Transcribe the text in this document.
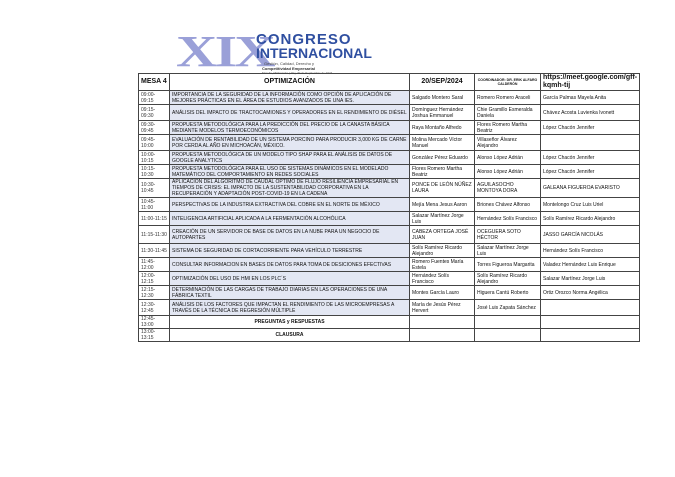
XIX
CONGRESO
INTERNACIONAL
Gestión, Calidad, Derecho y
Competitividad Empresarial
Morelia, Michoacán | 19 y 20 de Septiembre de 2024
MESA 4	OPTIMIZACIÓN	20/SEP/2024	COORDINADOR: DR. ERIK ALFARO CALDERÓN	https://meet.google.com/gff-kqmh-tij
09:00-09:15	IMPORTANCIA DE LA SEGURIDAD DE LA INFORMACIÓN COMO OPCIÓN DE APLICACIÓN DE MEJORES PRÁCTICAS EN EL ÁREA DE ESTUDIOS AVANZADOS DE UNA IES.	Salgado Montero Saral	Romero Romero Araceli	García Palmas Mayela Anita
09:15-09:30	ANÁLISIS DEL IMPACTO DE TRACTOCAMIONES Y OPERADORES EN EL RENDIMIENTO DE DIÉSEL	Domínguez Hernández Joshua Emmanuel	Chie Gramillo Esmeralda Daniela	Chávez Acosta Luvienka Ivonett
09:30-09:45	PROPUESTA METODOLÓGICA PARA LA PREDICCIÓN DEL PRECIO DE LA CANASTA BÁSICA MEDIANTE MODELOS TERMOECONÓMICOS	Raya Montaño Alfredo	Flores Romero Martha Beatriz	López Chacón Jennifer
09:45-10:00	EVALUACIÓN DE RENTABILIDAD DE UN SISTEMA PORCINO PARA PRODUCIR 3,000 KG DE CARNE POR CERDA AL AÑO EN MICHOACÁN, MÉXICO.	Molina Mercado Víctor Manuel	Villaseñor Álvarez Alejandro	
10:00-10:15	PROPUESTA METODOLÓGICA DE UN MODELO TIPO SHAP PARA EL ANÁLISIS DE DATOS DE GOOGLE ANALYTICS	González Pérez Eduardo	Alonso López Adrián	López Chacón Jennifer
10:15-10:30	PROPUESTA METODOLÓGICA PARA EL USO DE SISTEMAS DINÁMICOS EN EL MODELADO MATEMÁTICO DEL COMPORTAMIENTO EN REDES SOCIALES	Flores Romero Martha Beatriz	Alonso López Adrián	López Chacón Jennifer
10:30-10:45	APLICACIÓN DEL ALGORITMO DE CAUDAL ÓPTIMO DE FLUJO RESILIENCIA EMPRESARIAL EN TIEMPOS DE CRISIS: EL IMPACTO DE LA SUSTENTABILIDAD CORPORATIVA EN LA RECUPERACIÓN Y ADAPTACIÓN POST-COVID-19 EN LA CADENA	PONCE DE LEÓN NÚÑEZ LAURA	AGUILASOCHO MONTOYA DORA	GALEANA FIGUEROA EVARISTO
10:45-11:00	PERSPECTIVAS DE LA INDUSTRIA EXTRACTIVA DEL COBRE EN EL NORTE DE MÉXICO	Mejía Mena Jesus Aaron	Briones Chávez Alfonso	Montelongo Cruz Luis Uriel
11:00-11:15	INTELIGENCIA ARTIFICIAL APLICADA A LA FERMENTACIÓN ALCOHÓLICA	Salazar Martínez Jorge Luis	Hernández Solís Francisco	Solís Ramírez Ricardo Alejandro
11:15-11:30	CREACIÓN DE UN SERVIDOR DE BASE DE DATOS EN LA NUBE PARA UN NEGOCIO DE AUTOPARTES	CABEZA ORTEGA JOSÉ JUAN	OCEGUERA SOTO HÉCTOR	JASSO GARCÍA NICOLÁS
11:30-11:45	SISTEMA DE SEGURIDAD DE CORTACORRIENTE PARA VEHÍCULO TERRESTRE	Solís Ramírez Ricardo Alejandro	Salazar Martínez Jorge Luis	Hernández Solís Francisco
11:45-12:00	CONSULTAR INFORMACION EN BASES DE DATOS PARA TOMA DE DESICIONES EFECTIVAS	Romero Fuentes María Estela	Torres Figueroa Margarita	Valadez Hernández Luis Enrique
12:00-12:15	OPTIMIZACIÓN DEL USO DE HMI EN LOS PLC´S	Hernández Solís Francisco	Solís Ramírez Ricardo Alejandro	Salazar Martínez Jorge Luis
12:15-12:30	DETERMINACIÓN DE LAS CARGAS DE TRABAJO DIARIAS EN LAS OPERACIONES DE UNA FÁBRICA TEXTIL	Montes García Lauro	Higuera Cantú Roberto	Ortiz Orozco Norma Angélica
12:30-12:45	ANÁLISIS DE LOS FACTORES QUE IMPACTAN EL RENDIMIENTO DE LAS MICROEMPRESAS A TRAVÉS DE LA TÉCNICA DE REGRESIÓN MÚLTIPLE	María de Jesús Pérez Hervert	José Luis Zapata Sánchez	
12:45-13:00	PREGUNTAS y RESPUESTAS			
13:00-13:15	CLAUSURA			
